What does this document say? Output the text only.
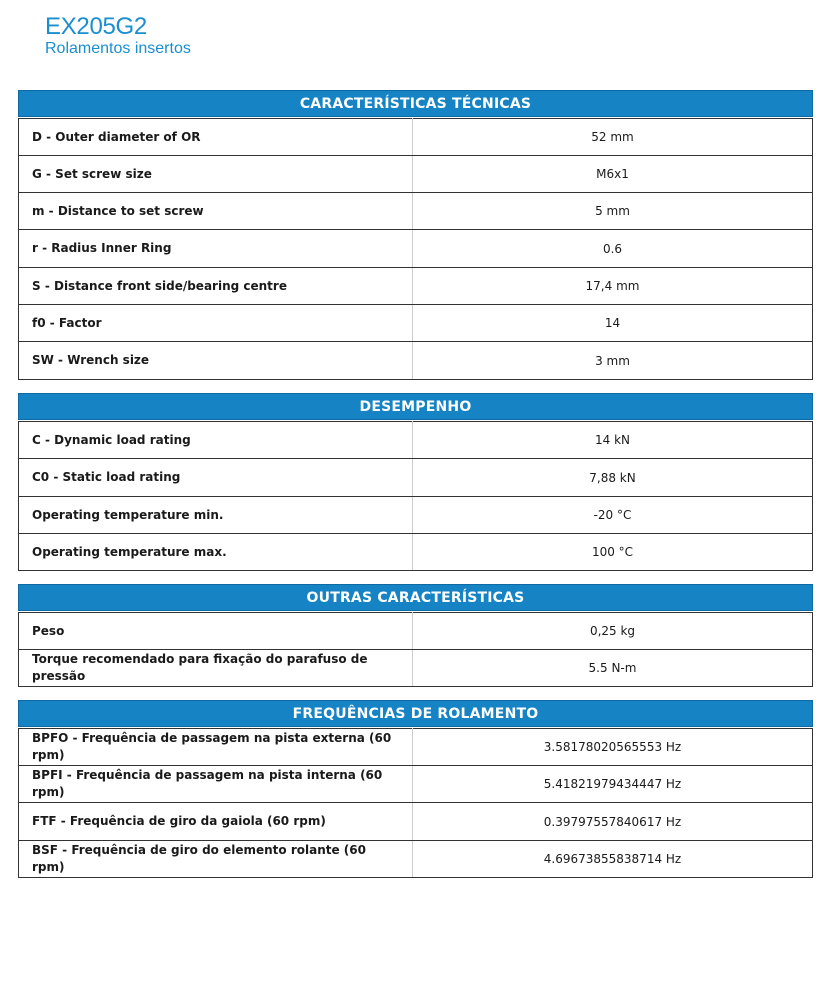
EX205G2
Rolamentos insertos
CARACTERÍSTICAS TÉCNICAS
D - Outer diameter of OR	52 mm
G - Set screw size	M6x1
m - Distance to set screw	5 mm
r - Radius Inner Ring	0.6
S - Distance front side/bearing centre	17,4 mm
f0 - Factor	14
SW - Wrench size	3 mm
DESEMPENHO
C - Dynamic load rating	14 kN
C0 - Static load rating	7,88 kN
Operating temperature min.	-20 °C
Operating temperature max.	100 °C
OUTRAS CARACTERÍSTICAS
Peso	0,25 kg
Torque recomendado para fixação do parafuso de pressão	5.5 N-m
FREQUÊNCIAS DE ROLAMENTO
BPFO - Frequência de passagem na pista externa (60 rpm)	3.58178020565553 Hz
BPFI - Frequência de passagem na pista interna (60 rpm)	5.41821979434447 Hz
FTF - Frequência de giro da gaiola (60 rpm)	0.39797557840617 Hz
BSF - Frequência de giro do elemento rolante (60 rpm)	4.69673855838714 Hz
